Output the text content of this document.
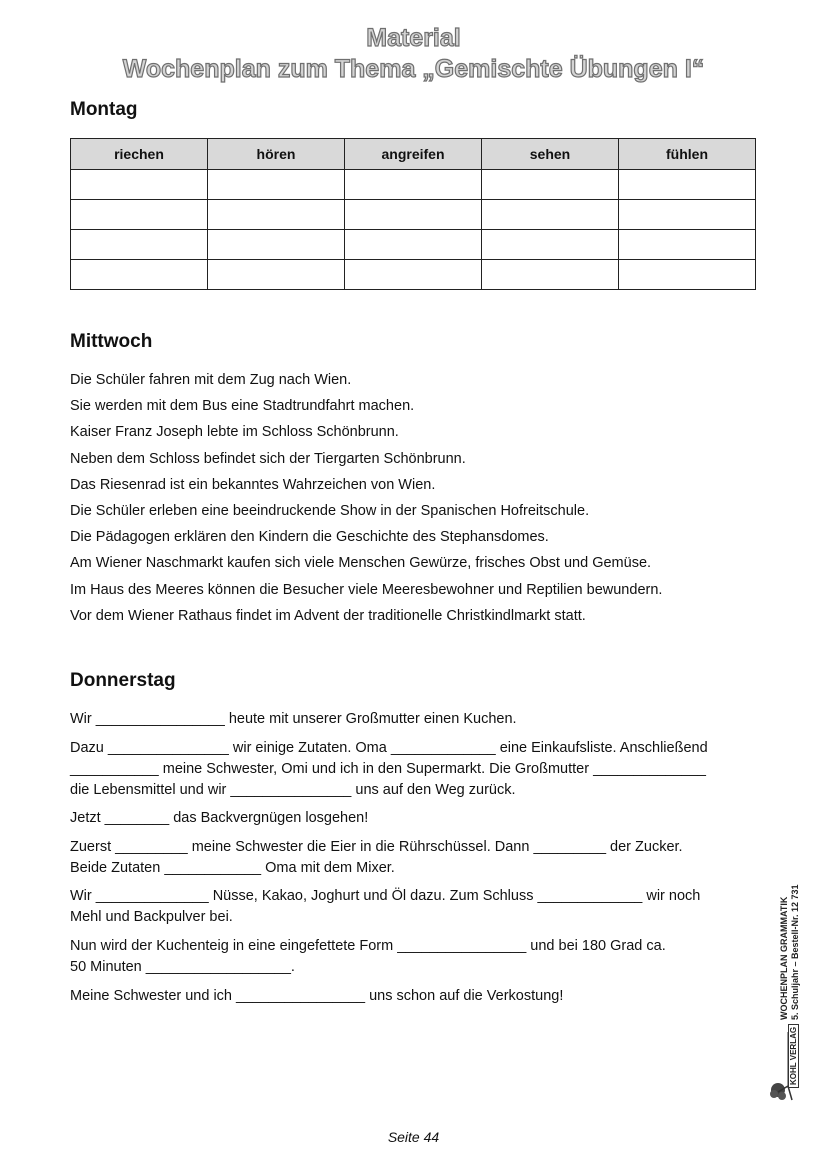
Material
Wochenplan zum Thema „Gemischte Übungen I“
Montag
riechen	hören	angreifen	sehen	fühlen

Mittwoch
Die Schüler fahren mit dem Zug nach Wien.
Sie werden mit dem Bus eine Stadtrundfahrt machen.
Kaiser Franz Joseph lebte im Schloss Schönbrunn.
Neben dem Schloss befindet sich der Tiergarten Schönbrunn.
Das Riesenrad ist ein bekanntes Wahrzeichen von Wien.
Die Schüler erleben eine beeindruckende Show in der Spanischen Hofreitschule.
Die Pädagogen erklären den Kindern die Geschichte des Stephansdomes.
Am Wiener Naschmarkt kaufen sich viele Menschen Gewürze, frisches Obst und Gemüse.
Im Haus des Meeres können die Besucher viele Meeresbewohner und Reptilien bewundern.
Vor dem Wiener Rathaus findet im Advent der traditionelle Christkindlmarkt statt.
Donnerstag
Wir ________________ heute mit unserer Großmutter einen Kuchen.
Dazu _______________ wir einige Zutaten. Oma _____________ eine Einkaufsliste. Anschließend
___________ meine Schwester, Omi und ich in den Supermarkt. Die Großmutter ______________
die Lebensmittel und wir _______________ uns auf den Weg zurück.
Jetzt ________ das Backvergnügen losgehen!
Zuerst _________ meine Schwester die Eier in die Rührschüssel. Dann _________ der Zucker.
Beide Zutaten ____________ Oma mit dem Mixer.
Wir ______________ Nüsse, Kakao, Joghurt und Öl dazu. Zum Schluss _____________ wir noch
Mehl und Backpulver bei.
Nun wird der Kuchenteig in eine eingefettete Form ________________ und bei 180 Grad ca.
50 Minuten __________________.
Meine Schwester und ich ________________ uns schon auf die Verkostung!	WOCHENPLAN GRAMMATIK 5. Schuljahr – Bestell-Nr. 12 731
KOHL VERLAG
Seite 44
